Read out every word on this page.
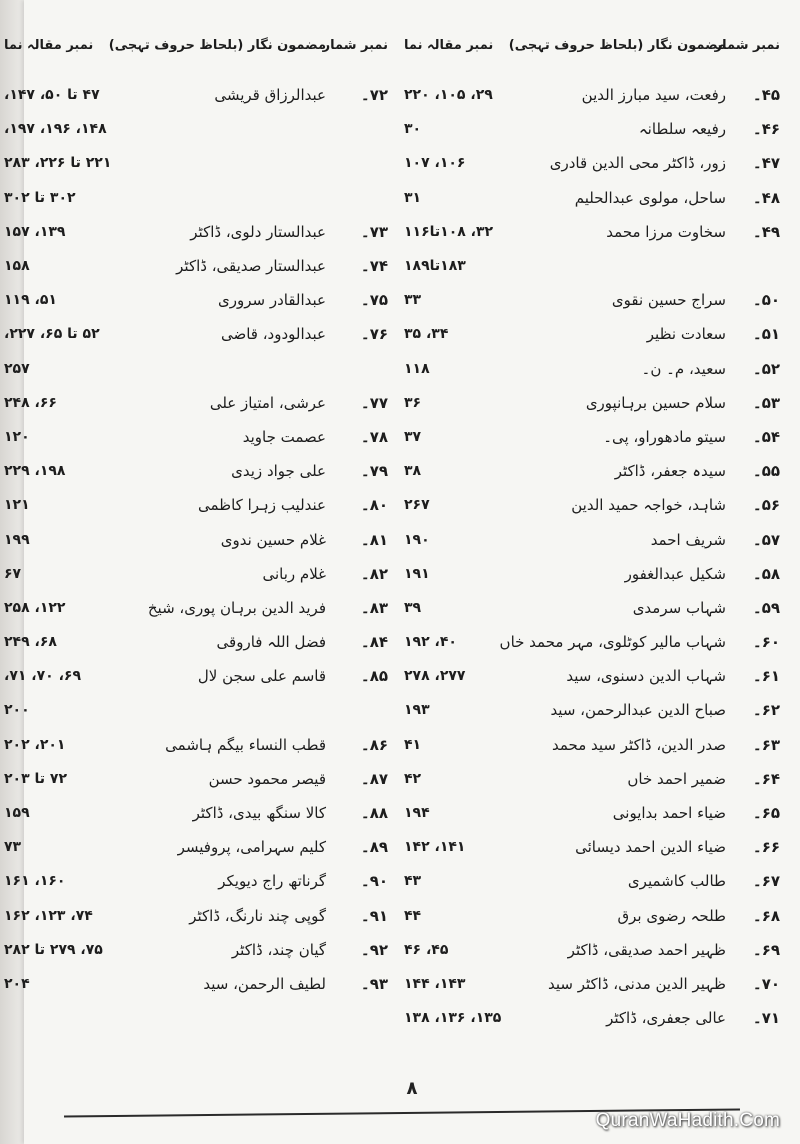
نمبر شمار
مضمون نگار (بلحاظ حروف تہجی)
نمبر مقالہ نما
۴۵۔
رفعت، سید مبارز الدین
۲۹، ۱۰۵، ۲۲۰
۴۶۔
رفیعہ سلطانہ
۳۰
۴۷۔
زور، ڈاکٹر محی الدین قادری
۱۰۶، ۱۰۷
۴۸۔
ساحل، مولوی عبدالحلیم
۳۱
۴۹۔
سخاوت مرزا محمد
۳۲، ۱۰۸تا۱۱۶
۱۸۳تا۱۸۹
۵۰۔
سراج حسین نقوی
۳۳
۵۱۔
سعادت نظیر
۳۴، ۳۵
۵۲۔
سعید، م۔ ن۔
۱۱۸
۵۳۔
سلام حسین برہانپوری
۳۶
۵۴۔
سیتو مادھوراو، پی۔
۳۷
۵۵۔
سیدہ جعفر، ڈاکٹر
۳۸
۵۶۔
شاہد، خواجہ حمید الدین
۲۶۷
۵۷۔
شریف احمد
۱۹۰
۵۸۔
شکیل عبدالغفور
۱۹۱
۵۹۔
شہاب سرمدی
۳۹
۶۰۔
شہاب مالیر کوٹلوی، مہر محمد خاں
۴۰، ۱۹۲
۶۱۔
شہاب الدین دسنوی، سید
۲۷۷، ۲۷۸
۶۲۔
صباح الدین عبدالرحمن، سید
۱۹۳
۶۳۔
صدر الدین، ڈاکٹر سید محمد
۴۱
۶۴۔
ضمیر احمد خاں
۴۲
۶۵۔
ضیاء احمد بدایونی
۱۹۴
۶۶۔
ضیاء الدین احمد دیسائی
۱۴۱، ۱۴۲
۶۷۔
طالب کاشمیری
۴۳
۶۸۔
طلحہ رضوی برق
۴۴
۶۹۔
ظہیر احمد صدیقی، ڈاکٹر
۴۵، ۴۶
۷۰۔
ظہیر الدین مدنی، ڈاکٹر سید
۱۴۳، ۱۴۴
۷۱۔
عالی جعفری، ڈاکٹر
۱۳۵، ۱۳۶، ۱۳۸
نمبر شمار
مضمون نگار (بلحاظ حروف تہجی)
نمبر مقالہ نما
۷۲۔
عبدالرزاق قریشی
۴۷ تا ۵۰، ۱۴۷،
۱۴۸، ۱۹۶، ۱۹۷،
۲۲۱ تا ۲۲۶، ۲۸۳
۳۰۲ تا ۳۰۲
۷۳۔
عبدالستار دلوی، ڈاکٹر
۱۳۹، ۱۵۷
۷۴۔
عبدالستار صدیقی، ڈاکٹر
۱۵۸
۷۵۔
عبدالقادر سروری
۵۱، ۱۱۹
۷۶۔
عبدالودود، قاضی
۵۲ تا ۶۵، ۲۲۷،
۲۵۷
۷۷۔
عرشی، امتیاز علی
۶۶، ۲۴۸
۷۸۔
عصمت جاوید
۱۲۰
۷۹۔
علی جواد زیدی
۱۹۸، ۲۲۹
۸۰۔
عندلیب زہرا کاظمی
۱۲۱
۸۱۔
غلام حسین ندوی
۱۹۹
۸۲۔
غلام ربانی
۶۷
۸۳۔
فرید الدین برہان پوری، شیخ
۱۲۲، ۲۵۸
۸۴۔
فضل اللہ فاروقی
۶۸، ۲۴۹
۸۵۔
قاسم علی سجن لال
۶۹، ۷۰، ۷۱،
۲۰۰
۸۶۔
قطب النساء بیگم ہاشمی
۲۰۱، ۲۰۲
۸۷۔
قیصر محمود حسن
۷۲ تا ۲۰۳
۸۸۔
کالا سنگھ بیدی، ڈاکٹر
۱۵۹
۸۹۔
کلیم سہرامی، پروفیسر
۷۳
۹۰۔
گرناتھ راج دیویکر
۱۶۰، ۱۶۱
۹۱۔
گوپی چند نارنگ، ڈاکٹر
۷۴، ۱۲۳، ۱۶۲
۹۲۔
گیان چند، ڈاکٹر
۷۵، ۲۷۹ تا ۲۸۲
۹۳۔
لطیف الرحمن، سید
۲۰۴
۸
QuranWaHadith.Com
